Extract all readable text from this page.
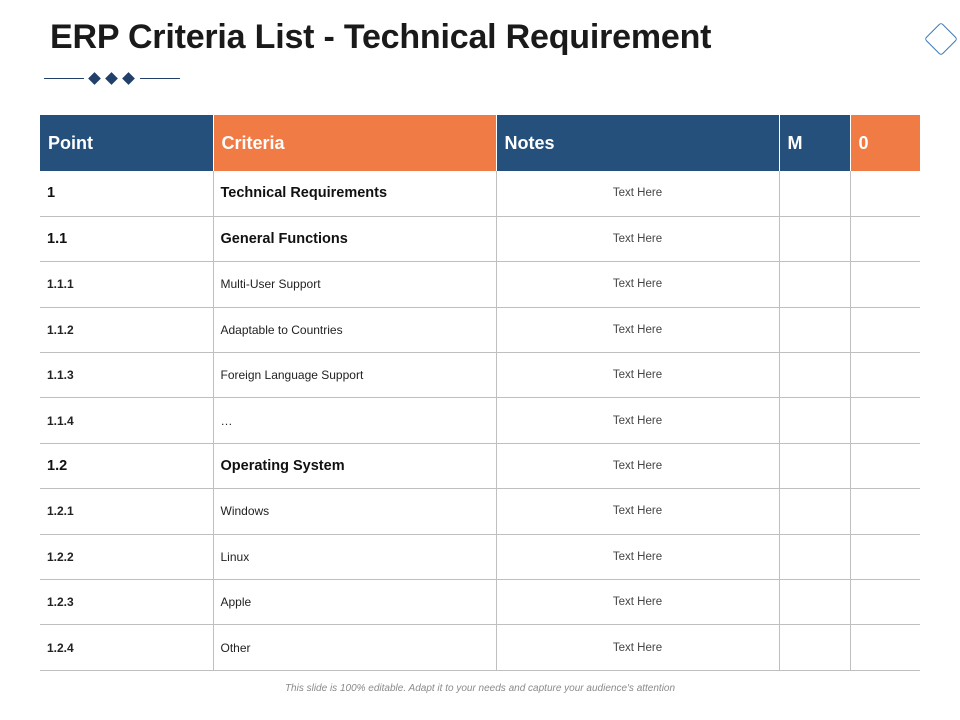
ERP Criteria List - Technical Requirement
Point	Criteria	Notes	M	0
1	Technical Requirements	Text Here		
1.1	General Functions	Text Here		
1.1.1	Multi-User Support	Text Here		
1.1.2	Adaptable to Countries	Text Here		
1.1.3	Foreign Language Support	Text Here		
1.1.4	…	Text Here		
1.2	Operating System	Text Here		
1.2.1	Windows	Text Here		
1.2.2	Linux	Text Here		
1.2.3	Apple	Text Here		
1.2.4	Other	Text Here		
This slide is 100% editable. Adapt it to your needs and capture your audience's attention
